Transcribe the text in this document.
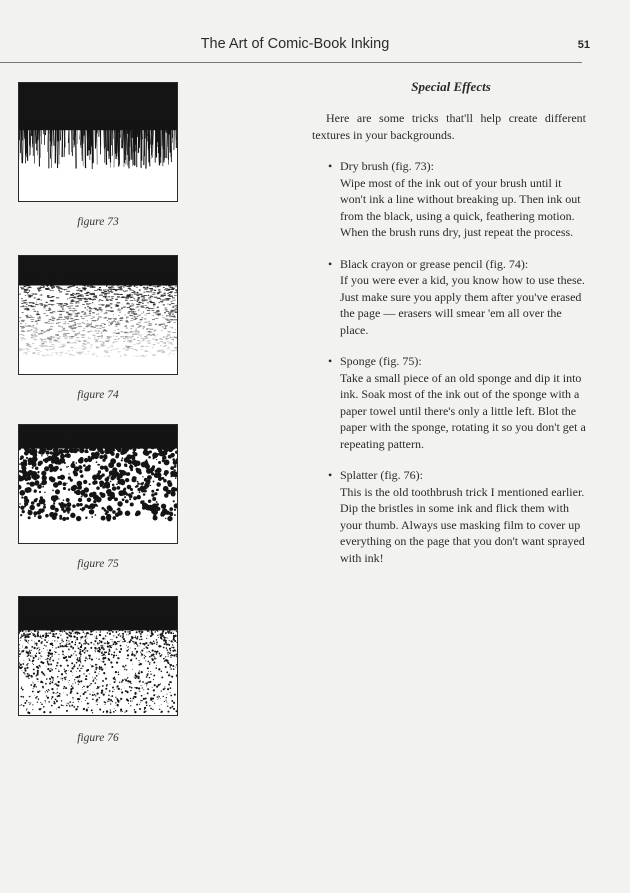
The Art of Comic-Book Inking	51
figure 73
figure 74
figure 75
figure 76
Special Effects
Here are some tricks that'll help create different textures in your backgrounds.
• Dry brush (fig. 73):
Wipe most of the ink out of your brush until it won't ink a line without breaking up. Then ink out from the black, using a quick, feathering motion. When the brush runs dry, just repeat the process.
• Black crayon or grease pencil (fig. 74):
If you were ever a kid, you know how to use these. Just make sure you apply them after you've erased the page — erasers will smear 'em all over the place.
• Sponge (fig. 75):
Take a small piece of an old sponge and dip it into ink. Soak most of the ink out of the sponge with a paper towel until there's only a little left. Blot the paper with the sponge, rotating it so you don't get a repeating pattern.
• Splatter (fig. 76):
This is the old toothbrush trick I mentioned earlier. Dip the bristles in some ink and flick them with your thumb. Always use masking film to cover up everything on the page that you don't want sprayed with ink!
